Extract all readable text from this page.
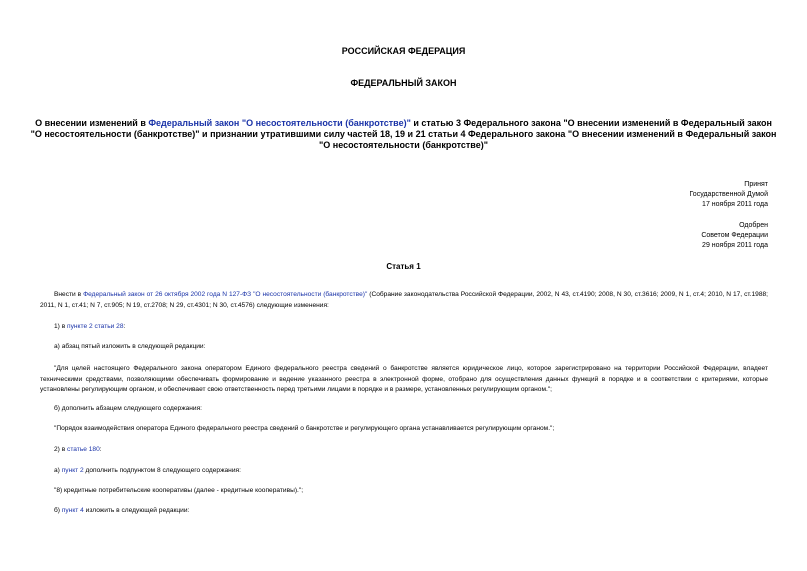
РОССИЙСКАЯ ФЕДЕРАЦИЯ
ФЕДЕРАЛЬНЫЙ ЗАКОН
О внесении изменений в Федеральный закон "О несостоятельности (банкротстве)" и статью 3 Федерального закона "О внесении изменений в Федеральный закон "О несостоятельности (банкротстве)" и признании утратившими силу частей 18, 19 и 21 статьи 4 Федерального закона "О внесении изменений в Федеральный закон "О несостоятельности (банкротстве)"
Принят
Государственной Думой
17 ноября 2011 года
Одобрен
Советом Федерации
29 ноября 2011 года
Статья 1
Внести в Федеральный закон от 26 октября 2002 года N 127-ФЗ "О несостоятельности (банкротстве)" (Собрание законодательства Российской Федерации, 2002, N 43, ст.4190; 2008, N 30, ст.3616; 2009, N 1, ст.4; 2010, N 17, ст.1988; 2011, N 1, ст.41; N 7, ст.905; N 19, ст.2708; N 29, ст.4301; N 30, ст.4576) следующие изменения:
1) в пункте 2 статьи 28:
а) абзац пятый изложить в следующей редакции:
"Для целей настоящего Федерального закона оператором Единого федерального реестра сведений о банкротстве является юридическое лицо, которое зарегистрировано на территории Российской Федерации, владеет техническими средствами, позволяющими обеспечивать формирование и ведение указанного реестра в электронной форме, отобрано для осуществления данных функций в порядке и в соответствии с критериями, которые установлены регулирующим органом, и обеспечивает свою ответственность перед третьими лицами в порядке и в размере, установленных регулирующим органом.";
б) дополнить абзацем следующего содержания:
"Порядок взаимодействия оператора Единого федерального реестра сведений о банкротстве и регулирующего органа устанавливается регулирующим органом.";
2) в статье 180:
а) пункт 2 дополнить подпунктом 8 следующего содержания:
"8) кредитные потребительские кооперативы (далее - кредитные кооперативы).";
б) пункт 4 изложить в следующей редакции:
